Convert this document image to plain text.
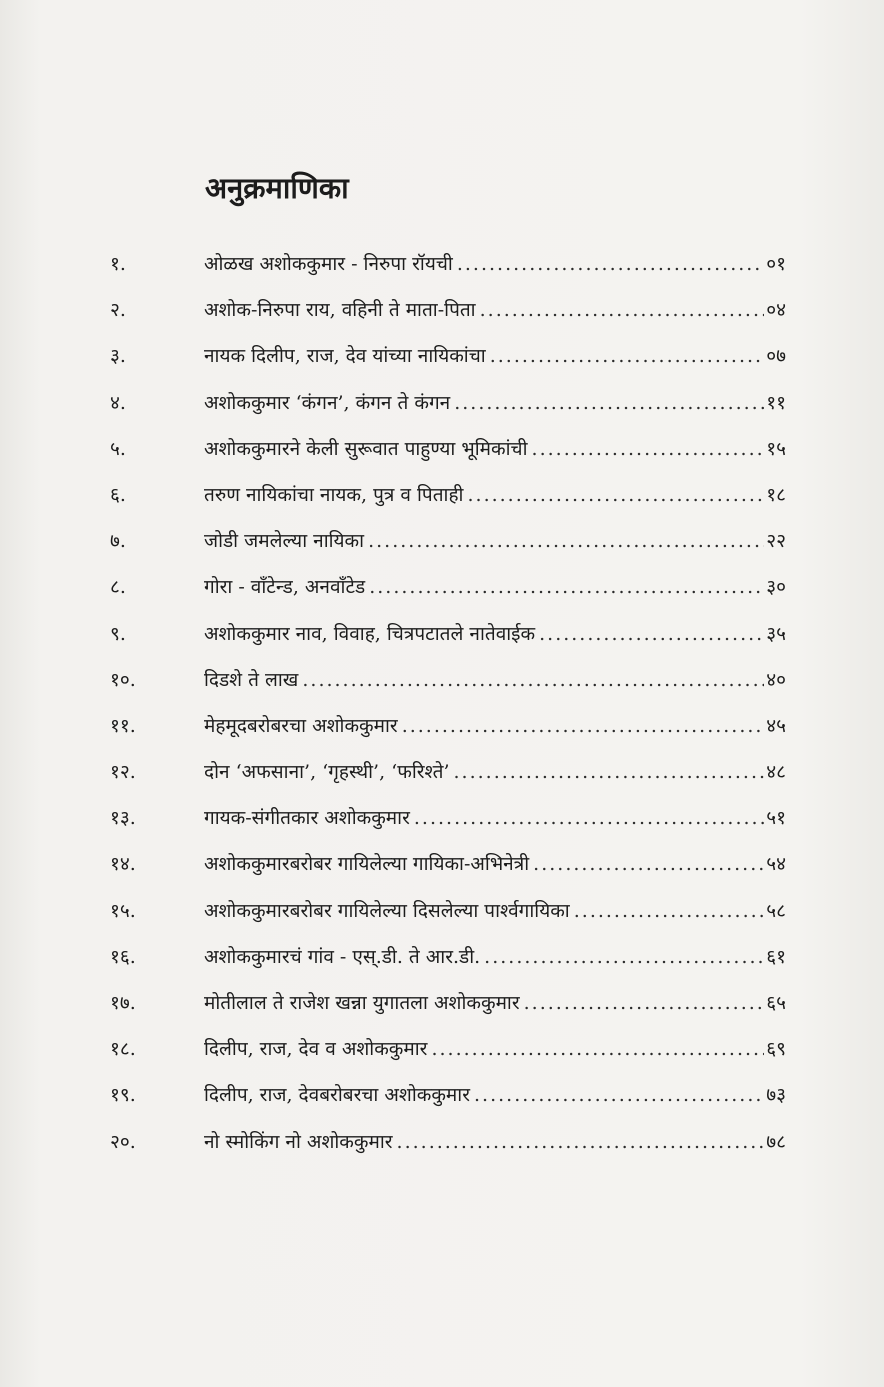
अनुक्रमाणिका
१.	ओळख अशोककुमार - निरुपा रॉयची .....	०१
२.	अशोक-निरुपा राय, वहिनी ते माता-पिता .....	०४
३.	नायक दिलीप, राज, देव यांच्या नायिकांचा .....	०७
४.	अशोककुमार ‘कंगन’, कंगन ते कंगन .....	११
५.	अशोककुमारने केली सुरूवात पाहुण्या भूमिकांची .....	१५
६.	तरुण नायिकांचा नायक, पुत्र व पिताही .....	१८
७.	जोडी जमलेल्या नायिका .....	२२
८.	गोरा - वाँटेन्ड, अनवाँटेड .....	३०
९.	अशोककुमार नाव, विवाह, चित्रपटातले नातेवाईक .....	३५
१०.	दिडशे ते लाख .....	४०
११.	मेहमूदबरोबरचा अशोककुमार .....	४५
१२.	दोन ‘अफसाना’, ‘गृहस्थी’, ‘फरिश्ते’ .....	४८
१३.	गायक-संगीतकार अशोककुमार .....	५१
१४.	अशोककुमारबरोबर गायिलेल्या गायिका-अभिनेत्री .....	५४
१५.	अशोककुमारबरोबर गायिलेल्या दिसलेल्या पार्श्वगायिका .....	५८
१६.	अशोककुमारचं गांव - एस्.डी. ते आर.डी. .....	६१
१७.	मोतीलाल ते राजेश खन्ना युगातला अशोककुमार .....	६५
१८.	दिलीप, राज, देव व अशोककुमार .....	६९
१९.	दिलीप, राज, देवबरोबरचा अशोककुमार .....	७३
२०.	नो स्मोकिंग नो अशोककुमार .....	७८
